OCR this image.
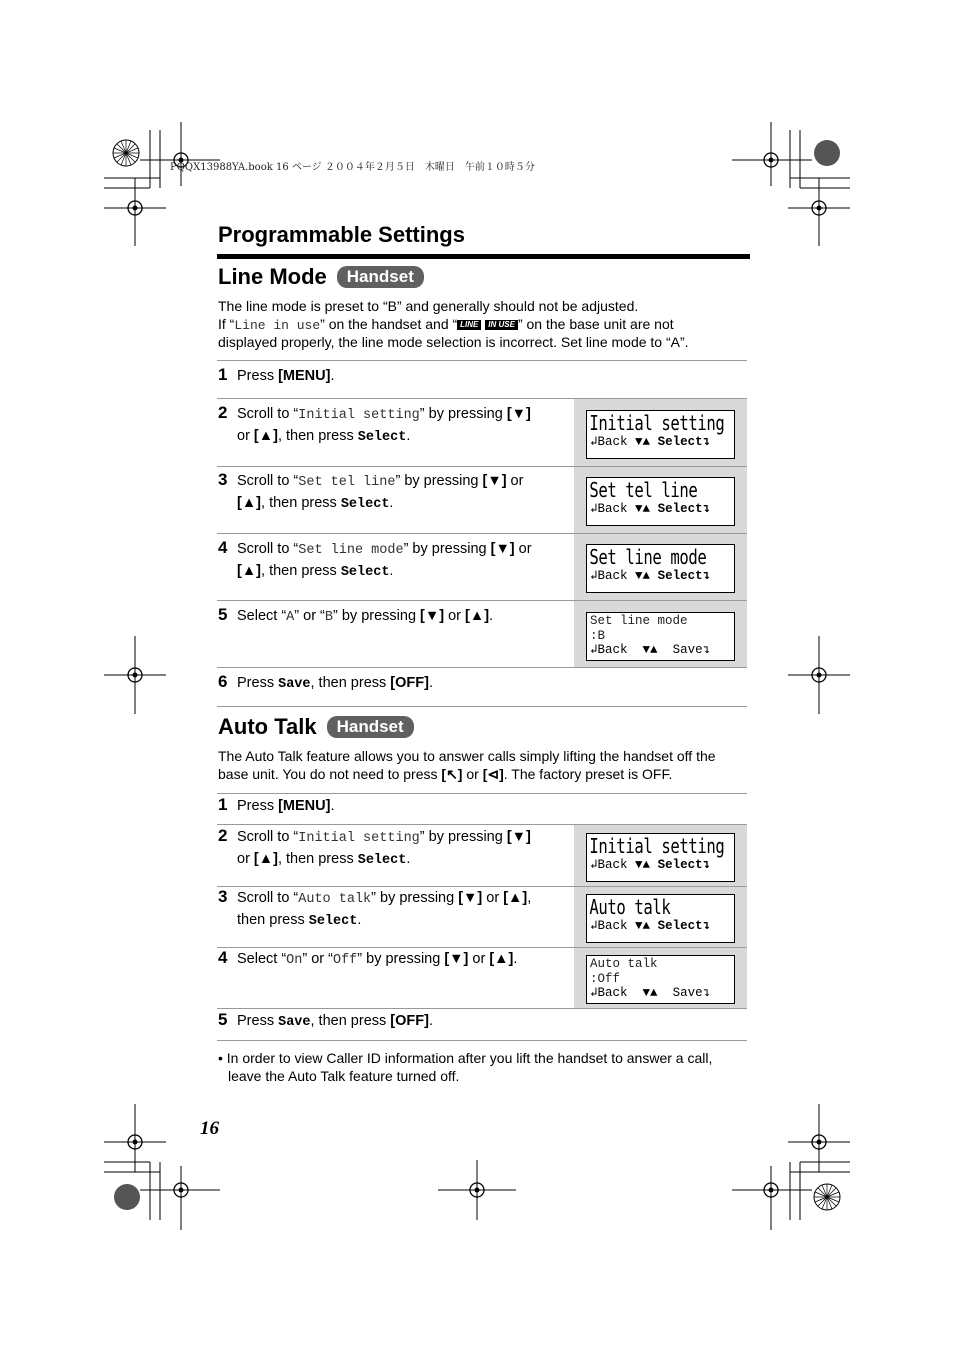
PQQX13988YA.book 16 ページ ２００４年２月５日　木曜日　午前１０時５分
Programmable Settings
Line Mode	Handset
The line mode is preset to “B” and generally should not be adjusted.
If “Line in use” on the handset and “ LINE IN USE ” on the base unit are not
displayed properly, the line mode selection is incorrect. Set line mode to “A”.
1 Press [MENU].
2 Scroll to “Initial setting” by pressing [▼]
or [▲], then press Select.
Initial setting
↲Back ▼▲ Select↴
3 Scroll to “Set tel line” by pressing [▼] or
[▲], then press Select.
Set tel line
↲Back ▼▲ Select↴
4 Scroll to “Set line mode” by pressing [▼] or
[▲], then press Select.
Set line mode
↲Back ▼▲ Select↴
5 Select “A” or “B” by pressing [▼] or [▲].	Set line mode
:B
↲Back ▼▲ Save↴
6 Press Save, then press [OFF].
Auto Talk	Handset
The Auto Talk feature allows you to answer calls simply lifting the handset off the
base unit. You do not need to press [↖] or [⊲]. The factory preset is OFF.
1 Press [MENU].
2 Scroll to “Initial setting” by pressing [▼]
or [▲], then press Select.
Initial setting
↲Back ▼▲ Select↴
3 Scroll to “Auto talk” by pressing [▼] or [▲],
then press Select.
Auto talk
↲Back ▼▲ Select↴
4 Select “On” or “Off” by pressing [▼] or [▲].	Auto talk
:Off
↲Back ▼▲ Save↴
5 Press Save, then press [OFF].
• In order to view Caller ID information after you lift the handset to answer a call,
leave the Auto Talk feature turned off.
16
